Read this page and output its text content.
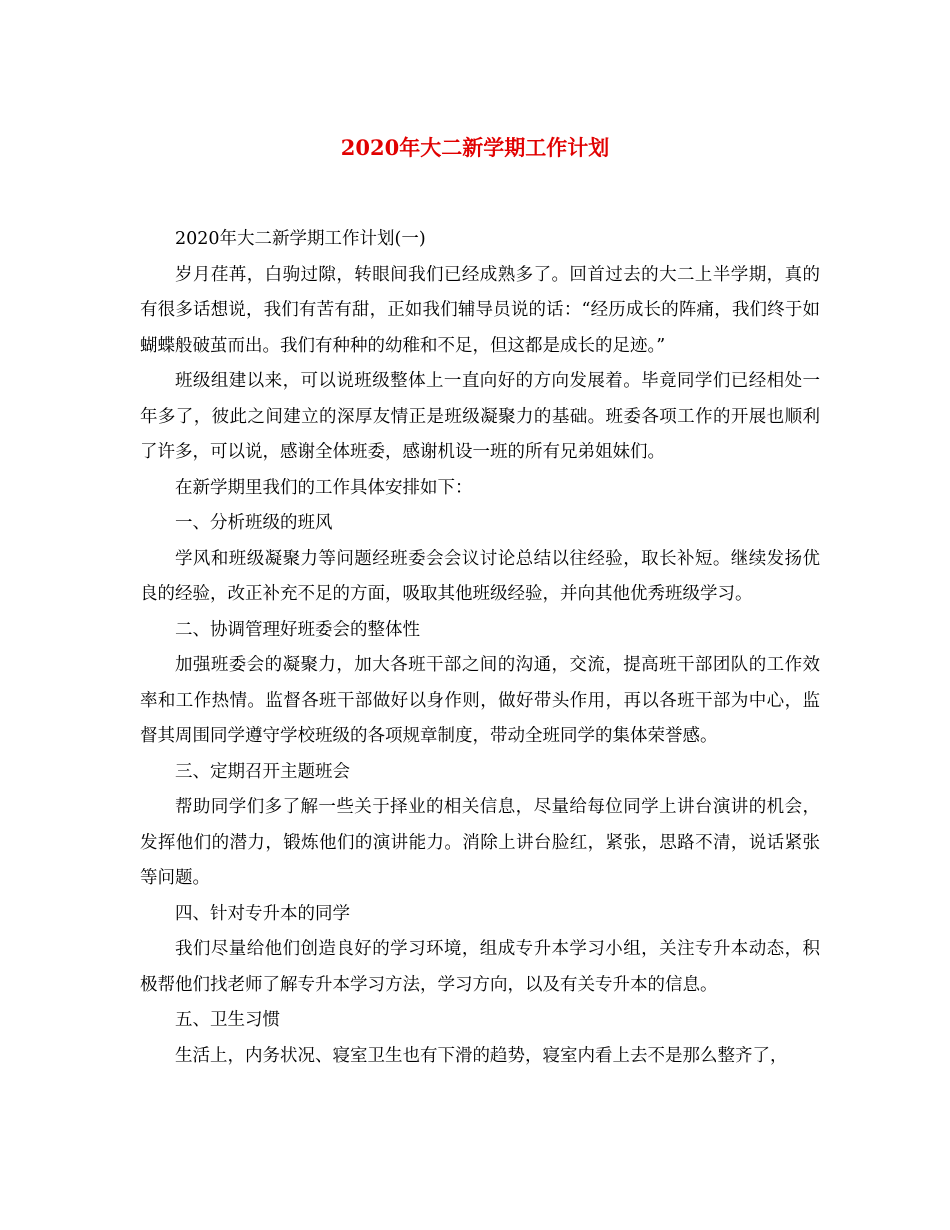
2020年大二新学期工作计划

2020年大二新学期工作计划(一)

岁月荏苒，白驹过隙，转眼间我们已经成熟多了。回首过去的大二上半学期，真的有很多话想说，我们有苦有甜，正如我们辅导员说的话：“经历成长的阵痛，我们终于如蝴蝶般破茧而出。我们有种种的幼稚和不足，但这都是成长的足迹。”

班级组建以来，可以说班级整体上一直向好的方向发展着。毕竟同学们已经相处一年多了，彼此之间建立的深厚友情正是班级凝聚力的基础。班委各项工作的开展也顺利了许多，可以说，感谢全体班委，感谢机设一班的所有兄弟姐妹们。

在新学期里我们的工作具体安排如下：

一、分析班级的班风

学风和班级凝聚力等问题经班委会会议讨论总结以往经验，取长补短。继续发扬优良的经验，改正补充不足的方面，吸取其他班级经验，并向其他优秀班级学习。

二、协调管理好班委会的整体性

加强班委会的凝聚力，加大各班干部之间的沟通，交流，提高班干部团队的工作效率和工作热情。监督各班干部做好以身作则，做好带头作用，再以各班干部为中心，监督其周围同学遵守学校班级的各项规章制度，带动全班同学的集体荣誉感。

三、定期召开主题班会

帮助同学们多了解一些关于择业的相关信息，尽量给每位同学上讲台演讲的机会，发挥他们的潜力，锻炼他们的演讲能力。消除上讲台脸红，紧张，思路不清，说话紧张等问题。

四、针对专升本的同学

我们尽量给他们创造良好的学习环境，组成专升本学习小组，关注专升本动态，积极帮他们找老师了解专升本学习方法，学习方向，以及有关专升本的信息。

五、卫生习惯

生活上，内务状况、寝室卫生也有下滑的趋势，寝室内看上去不是那么整齐了，
